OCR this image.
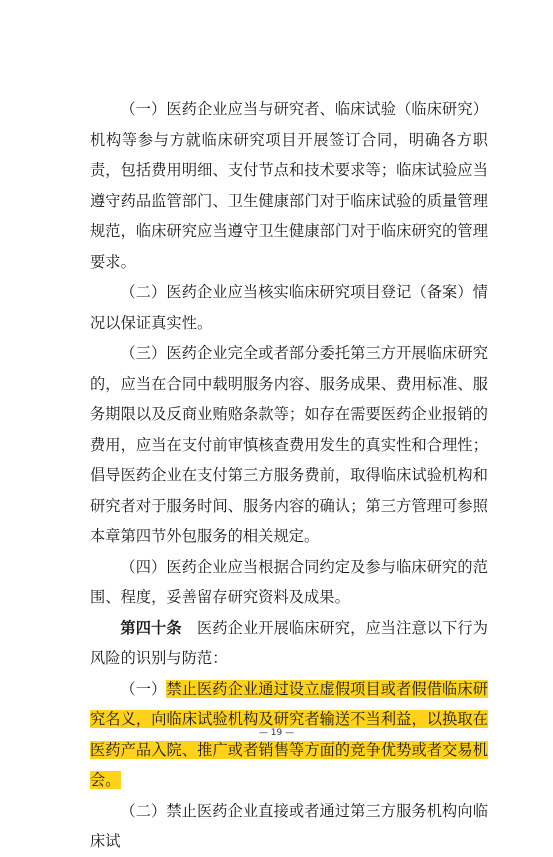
（一）医药企业应当与研究者、临床试验（临床研究）机构等参与方就临床研究项目开展签订合同，明确各方职责，包括费用明细、支付节点和技术要求等；临床试验应当遵守药品监管部门、卫生健康部门对于临床试验的质量管理规范，临床研究应当遵守卫生健康部门对于临床研究的管理要求。

（二）医药企业应当核实临床研究项目登记（备案）情况以保证真实性。

（三）医药企业完全或者部分委托第三方开展临床研究的，应当在合同中载明服务内容、服务成果、费用标准、服务期限以及反商业贿赂条款等；如存在需要医药企业报销的费用，应当在支付前审慎核查费用发生的真实性和合理性；倡导医药企业在支付第三方服务费前，取得临床试验机构和研究者对于服务时间、服务内容的确认；第三方管理可参照本章第四节外包服务的相关规定。

（四）医药企业应当根据合同约定及参与临床研究的范围、程度，妥善留存研究资料及成果。

第四十条　 医药企业开展临床研究，应当注意以下行为风险的识别与防范：

（一）禁止医药企业通过设立虚假项目或者假借临床研究名义，向临床试验机构及研究者输送不当利益，以换取在医药产品入院、推广或者销售等方面的竞争优势或者交易机会。

（二）禁止医药企业直接或者通过第三方服务机构向临床试

— 19 —
